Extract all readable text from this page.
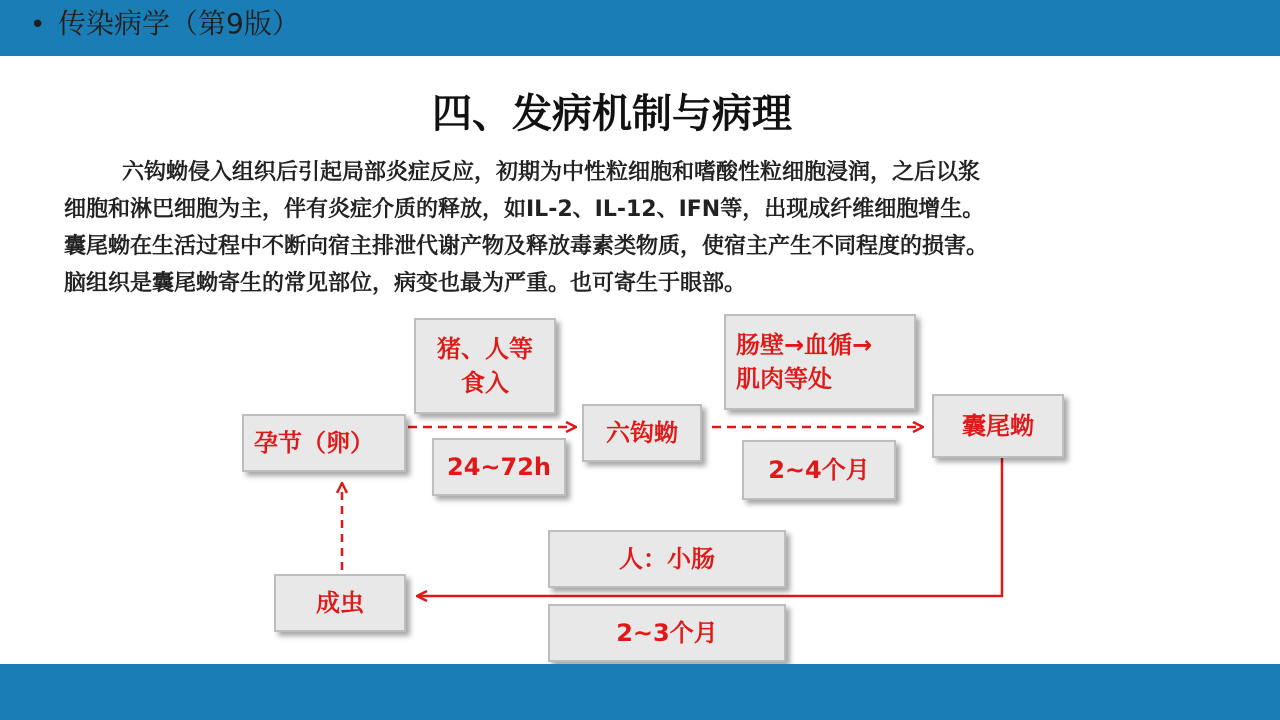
• 传染病学（第9版）
四、发病机制与病理
六钩蚴侵入组织后引起局部炎症反应，初期为中性粒细胞和嗜酸性粒细胞浸润，之后以浆
细胞和淋巴细胞为主，伴有炎症介质的释放，如IL-2、IL-12、IFN等，出现成纤维细胞增生。
囊尾蚴在生活过程中不断向宿主排泄代谢产物及释放毒素类物质，使宿主产生不同程度的损害。
脑组织是囊尾蚴寄生的常见部位，病变也最为严重。也可寄生于眼部。
孕节（卵）
猪、人等
食入
24~72h
六钩蚴
肠壁→血循→
肌肉等处
2~4个月
囊尾蚴
人：小肠
成虫
2~3个月
